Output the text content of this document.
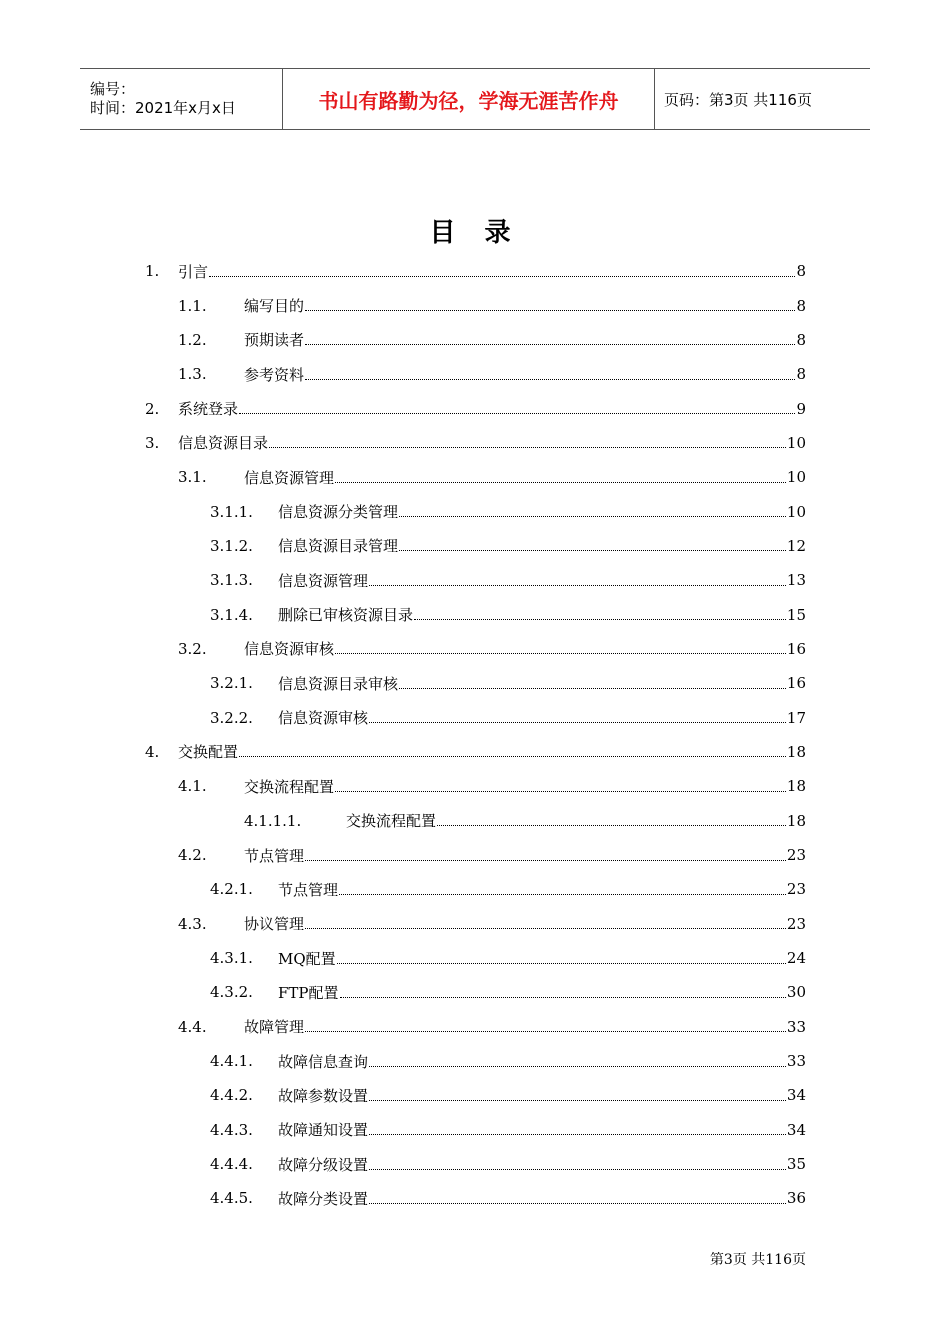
编号：
时间：2021年x月x日	书山有路勤为径，学海无涯苦作舟	页码：第3页 共116页
目 录
1.	引言	8
1.1.	编写目的	8
1.2.	预期读者	8
1.3.	参考资料	8
2.	系统登录	9
3.	信息资源目录	10
3.1.	信息资源管理	10
3.1.1.	信息资源分类管理	10
3.1.2.	信息资源目录管理	12
3.1.3.	信息资源管理	13
3.1.4.	删除已审核资源目录	15
3.2.	信息资源审核	16
3.2.1.	信息资源目录审核	16
3.2.2.	信息资源审核	17
4.	交换配置	18
4.1.	交换流程配置	18
4.1.1.1.	交换流程配置	18
4.2.	节点管理	23
4.2.1.	节点管理	23
4.3.	协议管理	23
4.3.1.	MQ配置	24
4.3.2.	FTP配置	30
4.4.	故障管理	33
4.4.1.	故障信息查询	33
4.4.2.	故障参数设置	34
4.4.3.	故障通知设置	34
4.4.4.	故障分级设置	35
4.4.5.	故障分类设置	36
第3页 共116页
